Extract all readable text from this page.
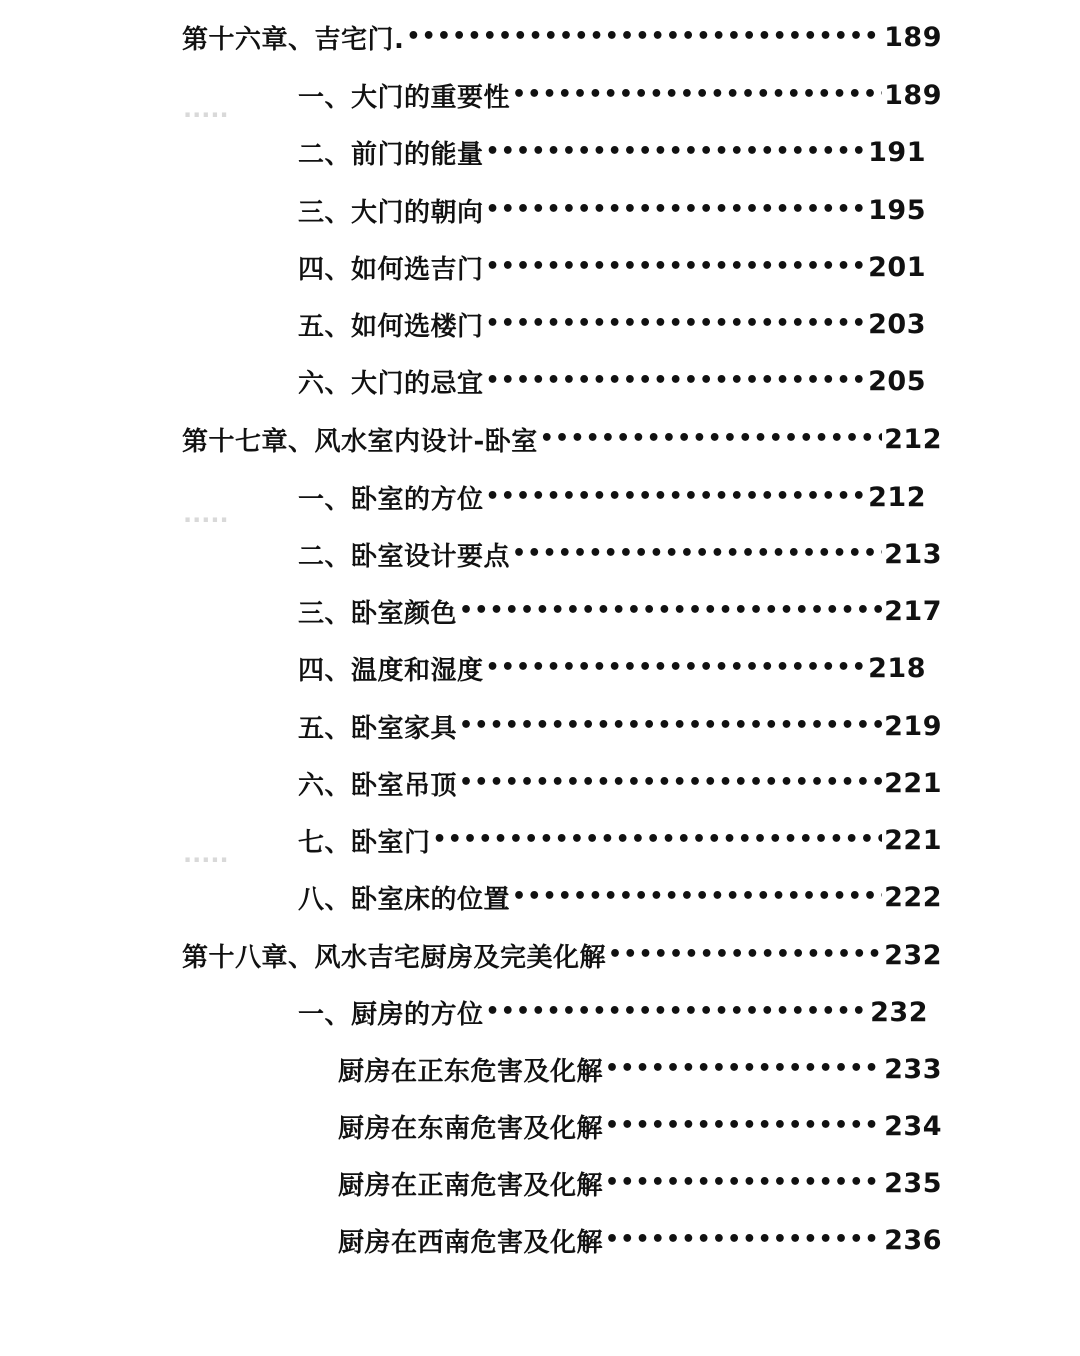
.....
.....
.....
第十六章、吉宅门. •••••	189
一、大门的重要性 •••••	189
二、前门的能量 •••••	191
三、大门的朝向 •••••	195
四、如何选吉门 •••••	201
五、如何选楼门 •••••	203
六、大门的忌宜 •••••	205
第十七章、风水室内设计-卧室 •••••	212
一、卧室的方位 •••••	212
二、卧室设计要点 •••••	213
三、卧室颜色 •••••	217
四、温度和湿度 •••••	218
五、卧室家具 •••••	219
六、卧室吊顶 •••••	221
七、卧室门 •••••	221
八、卧室床的位置 •••••	222
第十八章、风水吉宅厨房及完美化解 •••••	232
一、厨房的方位 •••••	232
厨房在正东危害及化解 •••••	233
厨房在东南危害及化解 •••••	234
厨房在正南危害及化解 •••••	235
厨房在西南危害及化解 •••••	236
